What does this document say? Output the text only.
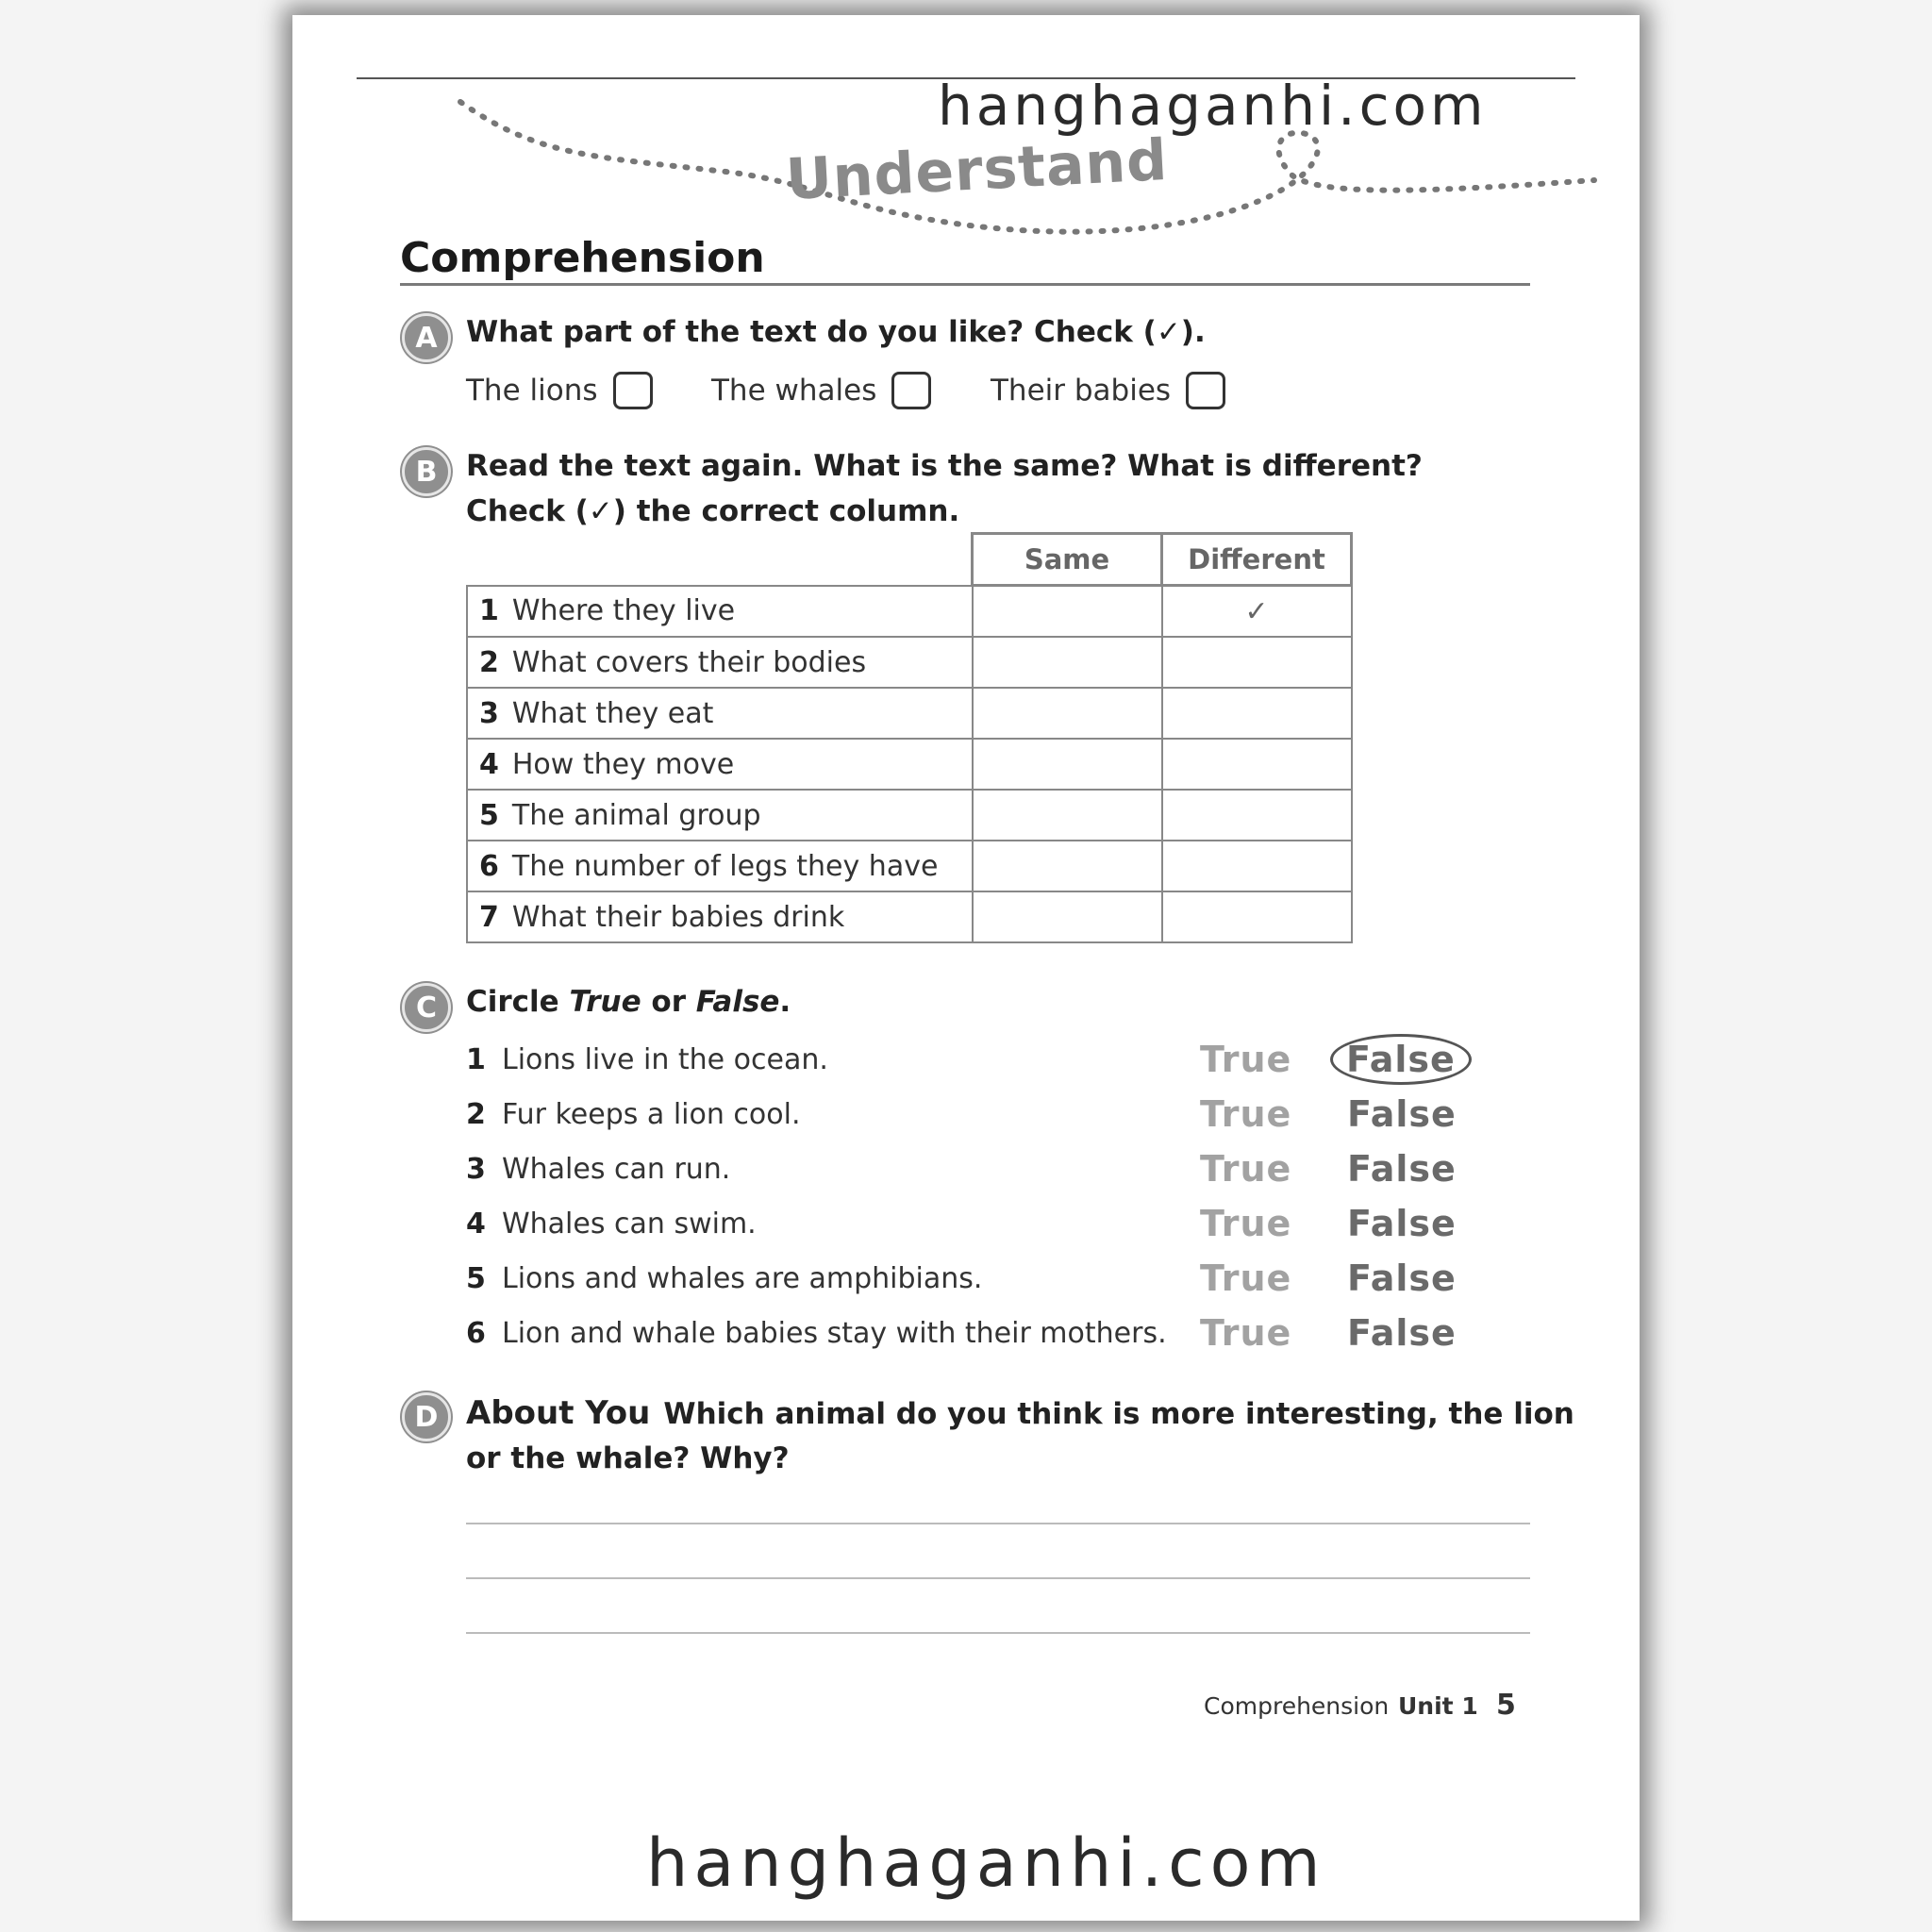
hanghaganhi.com
Understand
Comprehension
A What part of the text do you like? Check (✓).
The lions	The whales	Their babies
B Read the text again. What is the same? What is different?
Check (✓) the correct column.
	Same	Different
1 Where they live		✓
2 What covers their bodies		
3 What they eat		
4 How they move		
5 The animal group		
6 The number of legs they have		
7 What their babies drink		
C Circle True or False.
1 Lions live in the ocean.	True	False
2 Fur keeps a lion cool.	True False
3 Whales can run.	True False
4 Whales can swim.	True False
5 Lions and whales are amphibians.	True False
6 Lion and whale babies stay with their mothers. True False
D About You Which animal do you think is more interesting, the lion
or the whale? Why?
Comprehension Unit 1 5
hanghaganhi.com
